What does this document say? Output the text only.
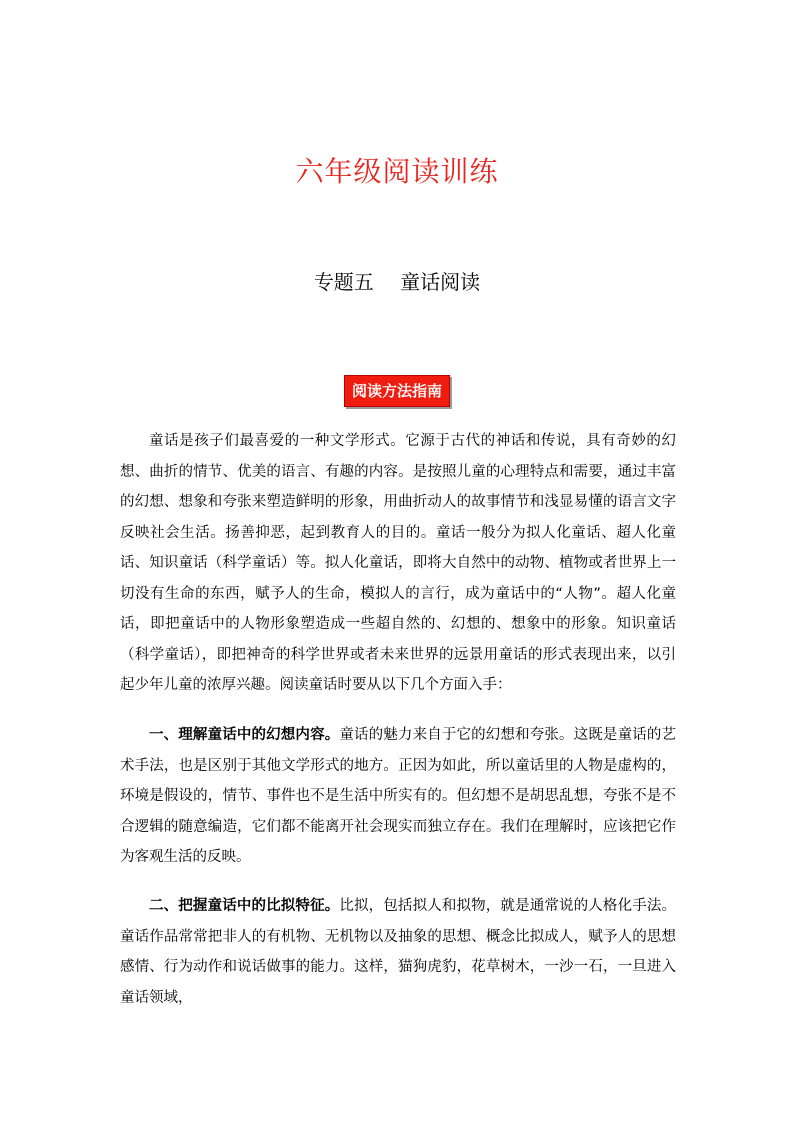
六年级阅读训练
专题五　 童话阅读
阅读方法指南

童话是孩子们最喜爱的一种文学形式。它源于古代的神话和传说，具有奇妙的幻想、曲折的情节、优美的语言、有趣的内容。是按照儿童的心理特点和需要，通过丰富的幻想、想象和夸张来塑造鲜明的形象，用曲折动人的故事情节和浅显易懂的语言文字反映社会生活。扬善抑恶，起到教育人的目的。童话一般分为拟人化童话、超人化童话、知识童话（科学童话）等。拟人化童话，即将大自然中的动物、植物或者世界上一切没有生命的东西，赋予人的生命，模拟人的言行，成为童话中的“人物”。超人化童话，即把童话中的人物形象塑造成一些超自然的、幻想的、想象中的形象。知识童话（科学童话），即把神奇的科学世界或者未来世界的远景用童话的形式表现出来，以引起少年儿童的浓厚兴趣。阅读童话时要从以下几个方面入手：

一、理解童话中的幻想内容。童话的魅力来自于它的幻想和夸张。这既是童话的艺术手法，也是区别于其他文学形式的地方。正因为如此，所以童话里的人物是虚构的，环境是假设的，情节、事件也不是生活中所实有的。但幻想不是胡思乱想，夸张不是不合逻辑的随意编造，它们都不能离开社会现实而独立存在。我们在理解时，应该把它作为客观生活的反映。

二、把握童话中的比拟特征。比拟，包括拟人和拟物，就是通常说的人格化手法。童话作品常常把非人的有机物、无机物以及抽象的思想、概念比拟成人，赋予人的思想感情、行为动作和说话做事的能力。这样，猫狗虎豹，花草树木，一沙一石，一旦进入童话领域，
